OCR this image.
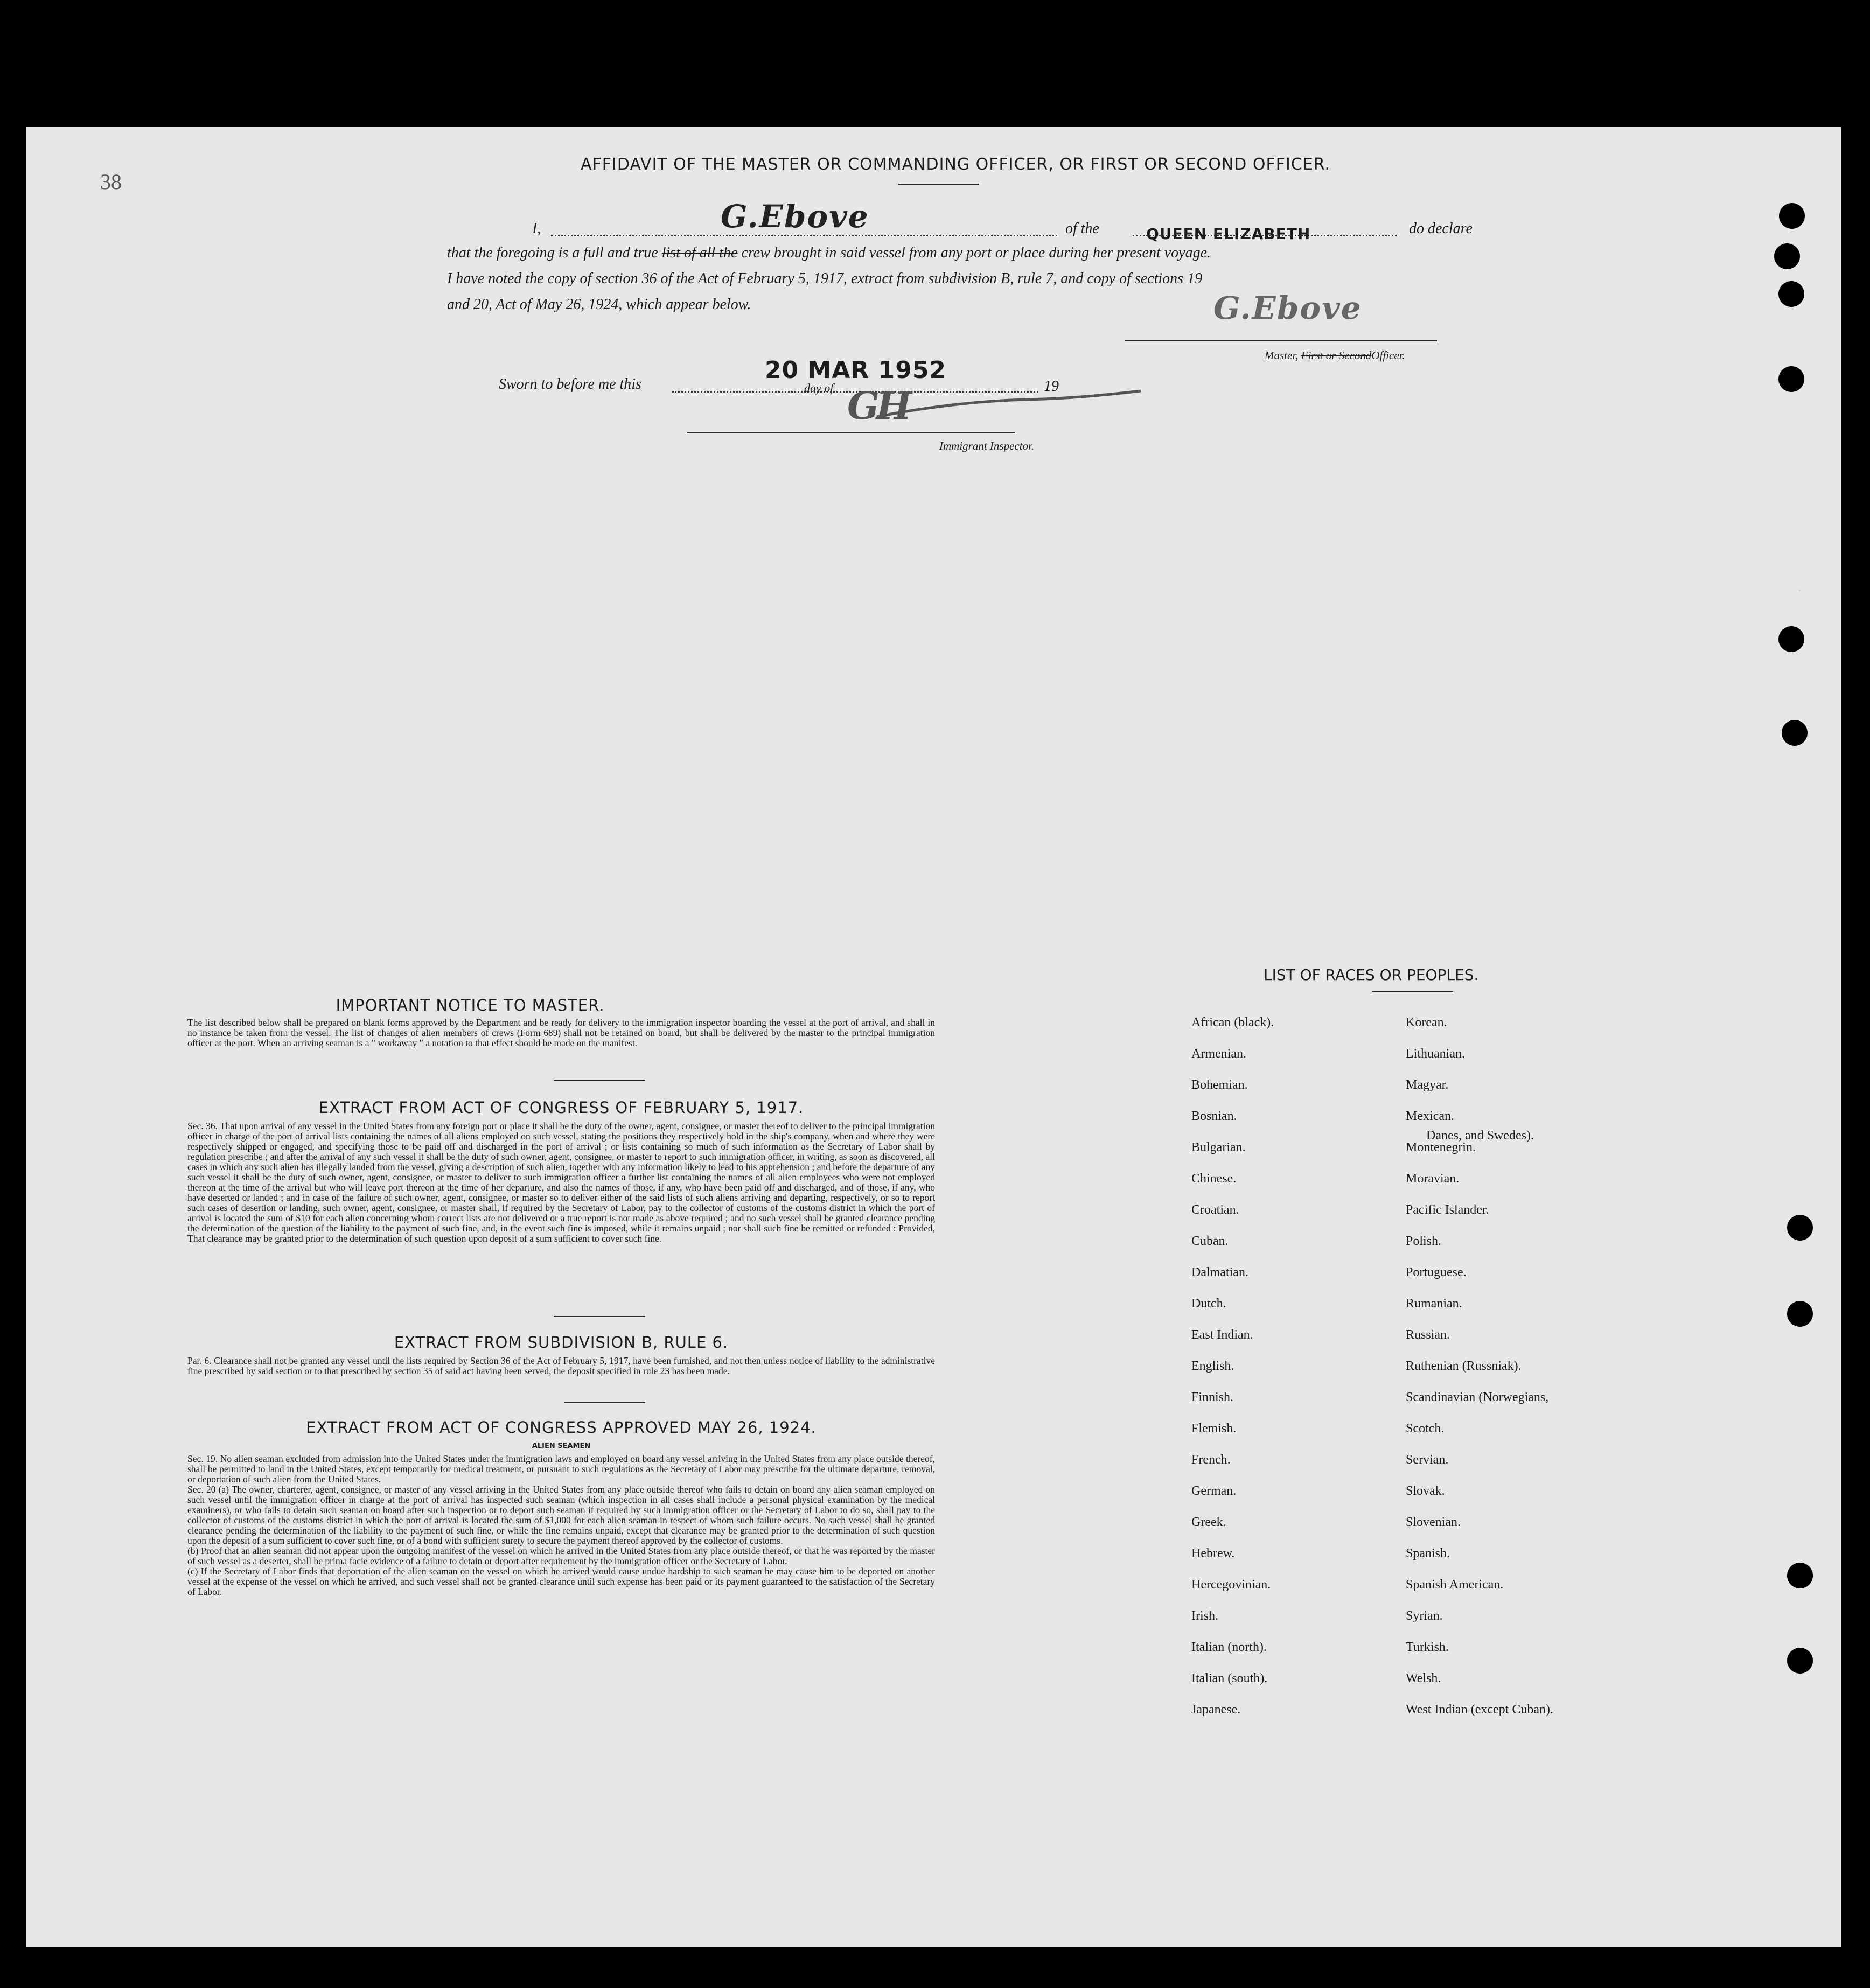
38
AFFIDAVIT OF THE MASTER OR COMMANDING OFFICER, OR FIRST OR SECOND OFFICER.
I,	G.Ebove	of the	QUEEN ELIZABETH	do declare
that the foregoing is a full and true list of all the crew brought in said vessel from any port or place during her present voyage.
I have noted the copy of section 36 of the Act of February 5, 1917, extract from subdivision B, rule 7, and copy of sections 19
and 20, Act of May 26, 1924, which appear below.	G.Ebove
Master, First or SecondOfficer.
Sworn to before me this
20 MAR 1952
day of	19
GH
Immigrant Inspector.
IMPORTANT NOTICE TO MASTER.
The list described below shall be prepared on blank forms approved by the Department and be ready for delivery to the immigration inspector boarding the vessel at the port of arrival, and shall in no instance be taken from the vessel. The list of changes of alien members of crews (Form 689) shall not be retained on board, but shall be delivered by the master to the principal immigration officer at the port. When an arriving seaman is a " workaway " a notation to that effect should be made on the manifest.
EXTRACT FROM ACT OF CONGRESS OF FEBRUARY 5, 1917.
Sec. 36. That upon arrival of any vessel in the United States from any foreign port or place it shall be the duty of the owner, agent, consignee, or master thereof to deliver to the principal immigration officer in charge of the port of arrival lists containing the names of all aliens employed on such vessel, stating the positions they respectively hold in the ship's company, when and where they were respectively shipped or engaged, and specifying those to be paid off and discharged in the port of arrival ; or lists containing so much of such information as the Secretary of Labor shall by regulation prescribe ; and after the arrival of any such vessel it shall be the duty of such owner, agent, consignee, or master to report to such immigration officer, in writing, as soon as discovered, all cases in which any such alien has illegally landed from the vessel, giving a description of such alien, together with any information likely to lead to his apprehension ; and before the departure of any such vessel it shall be the duty of such owner, agent, consignee, or master to deliver to such immigration officer a further list containing the names of all alien employees who were not employed thereon at the time of the arrival but who will leave port thereon at the time of her departure, and also the names of those, if any, who have been paid off and discharged, and of those, if any, who have deserted or landed ; and in case of the failure of such owner, agent, consignee, or master so to deliver either of the said lists of such aliens arriving and departing, respectively, or so to report such cases of desertion or landing, such owner, agent, consignee, or master shall, if required by the Secretary of Labor, pay to the collector of customs of the customs district in which the port of arrival is located the sum of $10 for each alien concerning whom correct lists are not delivered or a true report is not made as above required ; and no such vessel shall be granted clearance pending the determination of the question of the liability to the payment of such fine, and, in the event such fine is imposed, while it remains unpaid ; nor shall such fine be remitted or refunded : Provided, That clearance may be granted prior to the determination of such question upon deposit of a sum sufficient to cover such fine.
EXTRACT FROM SUBDIVISION B, RULE 6.
Par. 6. Clearance shall not be granted any vessel until the lists required by Section 36 of the Act of February 5, 1917, have been furnished, and not then unless notice of liability to the administrative fine prescribed by said section or to that prescribed by section 35 of said act having been served, the deposit specified in rule 23 has been made.
EXTRACT FROM ACT OF CONGRESS APPROVED MAY 26, 1924.
ALIEN SEAMEN
Sec. 19. No alien seaman excluded from admission into the United States under the immigration laws and employed on board any vessel arriving in the United States from any place outside thereof, shall be permitted to land in the United States, except temporarily for medical treatment, or pursuant to such regulations as the Secretary of Labor may prescribe for the ultimate departure, removal, or deportation of such alien from the United States.
Sec. 20 (a) The owner, charterer, agent, consignee, or master of any vessel arriving in the United States from any place outside thereof who fails to detain on board any alien seaman employed on such vessel until the immigration officer in charge at the port of arrival has inspected such seaman (which inspection in all cases shall include a personal physical examination by the medical examiners), or who fails to detain such seaman on board after such inspection or to deport such seaman if required by such immigration officer or the Secretary of Labor to do so, shall pay to the collector of customs of the customs district in which the port of arrival is located the sum of $1,000 for each alien seaman in respect of whom such failure occurs. No such vessel shall be granted clearance pending the determination of the liability to the payment of such fine, or while the fine remains unpaid, except that clearance may be granted prior to the determination of such question upon the deposit of a sum sufficient to cover such fine, or of a bond with sufficient surety to secure the payment thereof approved by the collector of customs.
(b) Proof that an alien seaman did not appear upon the outgoing manifest of the vessel on which he arrived in the United States from any place outside thereof, or that he was reported by the master of such vessel as a deserter, shall be prima facie evidence of a failure to detain or deport after requirement by the immigration officer or the Secretary of Labor.
(c) If the Secretary of Labor finds that deportation of the alien seaman on the vessel on which he arrived would cause undue hardship to such seaman he may cause him to be deported on another vessel at the expense of the vessel on which he arrived, and such vessel shall not be granted clearance until such expense has been paid or its payment guaranteed to the satisfaction of the Secretary of Labor.
LIST OF RACES OR PEOPLES.
African (black).
Armenian.
Bohemian.
Bosnian.
Bulgarian.
Chinese.
Croatian.
Cuban.
Dalmatian.
Dutch.
East Indian.
English.
Finnish.
Flemish.
French.
German.
Greek.
Hebrew.
Hercegovinian.
Irish.
Italian (north).
Italian (south).
Japanese.
Korean.
Lithuanian.
Magyar.
Mexican.
Montenegrin.
Moravian.
Pacific Islander.
Polish.
Portuguese.
Rumanian.
Russian.
Ruthenian (Russniak).
Scandinavian (Norwegians,
Scotch.
Servian.
Slovak.
Slovenian.
Spanish.
Spanish American.
Syrian.
Turkish.
Welsh.
West Indian (except Cuban).
Danes, and Swedes).
·
